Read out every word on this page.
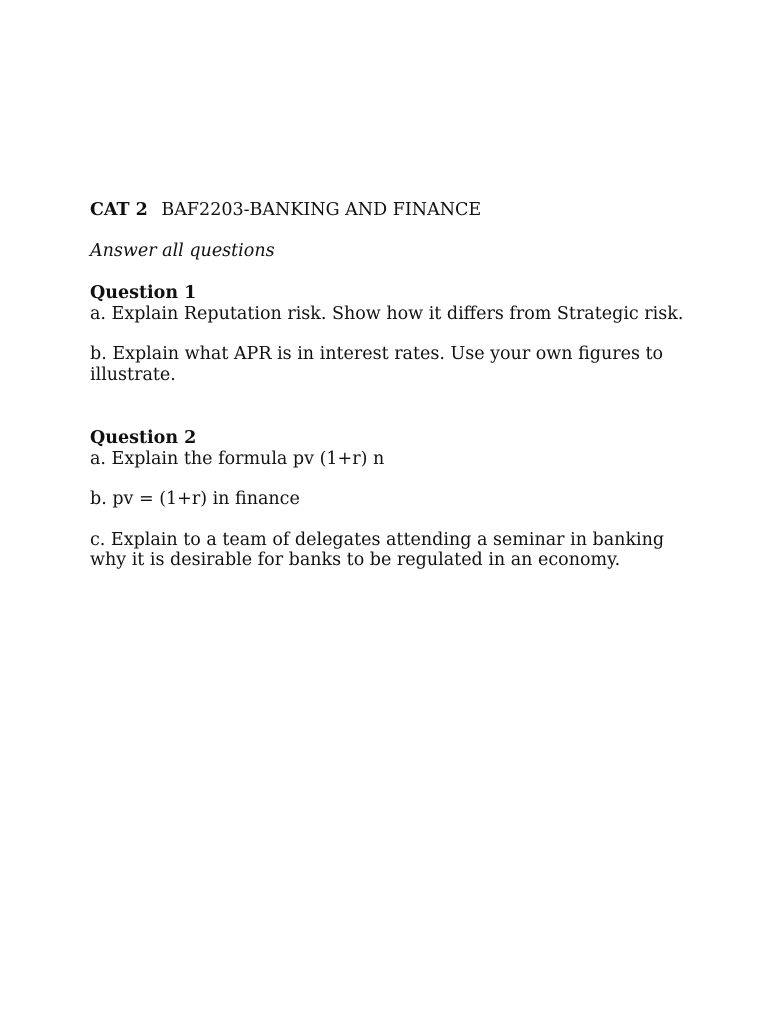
CAT 2 BAF2203-BANKING AND FINANCE
Answer all questions
Question 1
a. Explain Reputation risk. Show how it differs from Strategic risk.
b. Explain what APR is in interest rates. Use your own figures to illustrate.
Question 2
a. Explain the formula pv (1+r) n
b. pv = (1+r) in finance
c. Explain to a team of delegates attending a seminar in banking why it is desirable for banks to be regulated in an economy.
